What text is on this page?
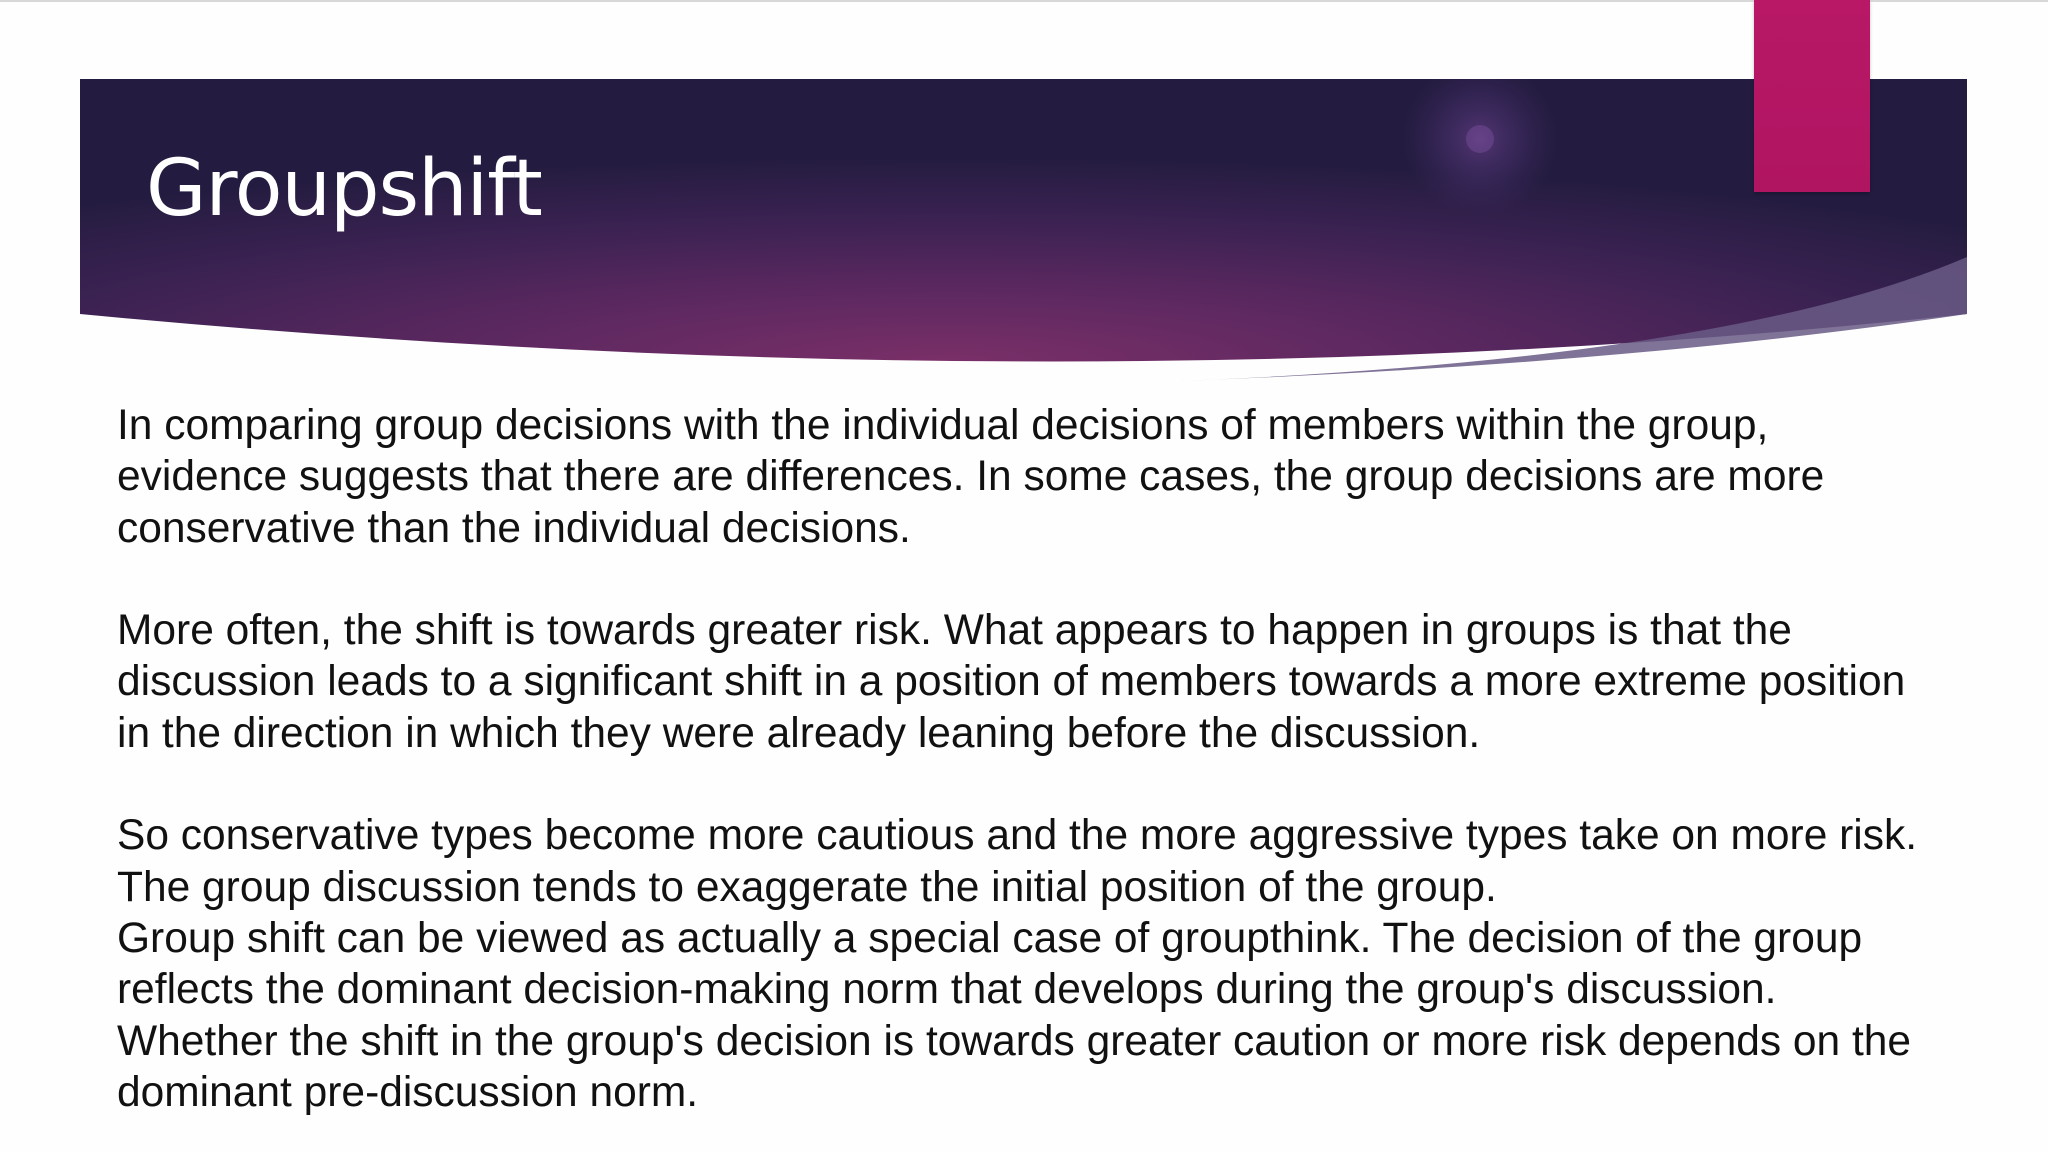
Groupshift

In comparing group decisions with the individual decisions of members within the group,

evidence suggests that there are differences. In some cases, the group decisions are more

conservative than the individual decisions.

More often, the shift is towards greater risk. What appears to happen in groups is that the

discussion leads to a significant shift in a position of members towards a more extreme position

in the direction in which they were already leaning before the discussion.

So conservative types become more cautious and the more aggressive types take on more risk.

The group discussion tends to exaggerate the initial position of the group.

Group shift can be viewed as actually a special case of groupthink. The decision of the group

reflects the dominant decision-making norm that develops during the group's discussion.

Whether the shift in the group's decision is towards greater caution or more risk depends on the

dominant pre-discussion norm.
